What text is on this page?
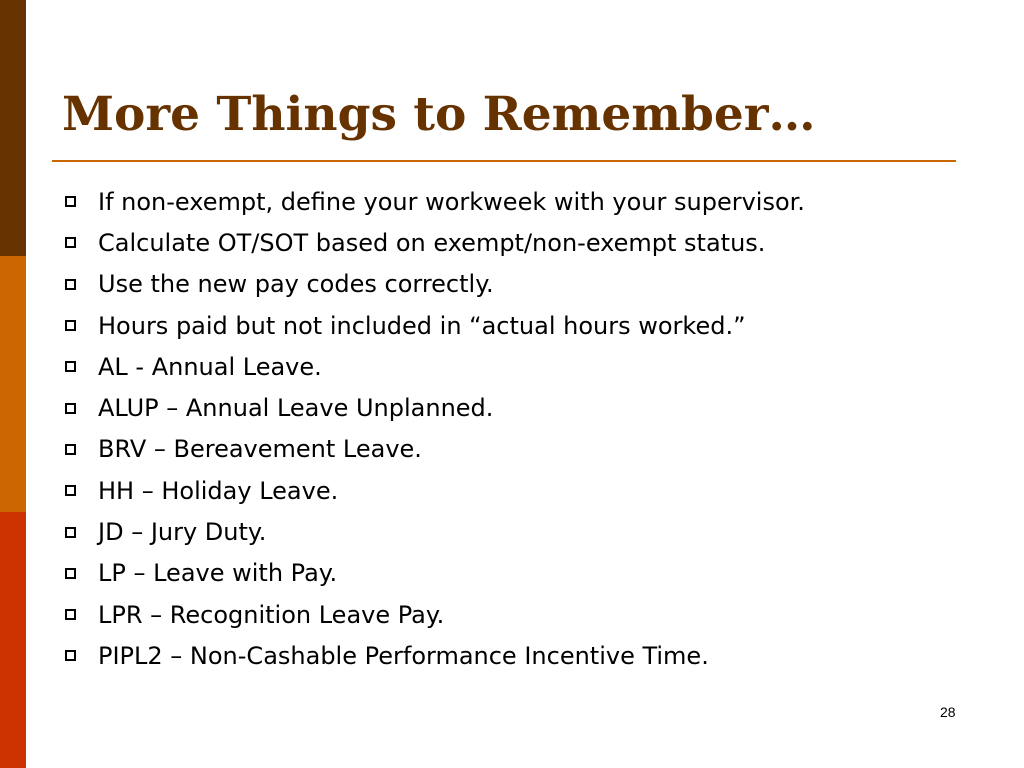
More Things to Remember…
If non-exempt, define your workweek with your supervisor.
Calculate OT/SOT based on exempt/non-exempt status.
Use the new pay codes correctly.
Hours paid but not included in “actual hours worked.”
AL - Annual Leave.
ALUP – Annual Leave Unplanned.
BRV – Bereavement Leave.
HH – Holiday Leave.
JD – Jury Duty.
LP – Leave with Pay.
LPR – Recognition Leave Pay.
PIPL2 – Non-Cashable Performance Incentive Time.
28
